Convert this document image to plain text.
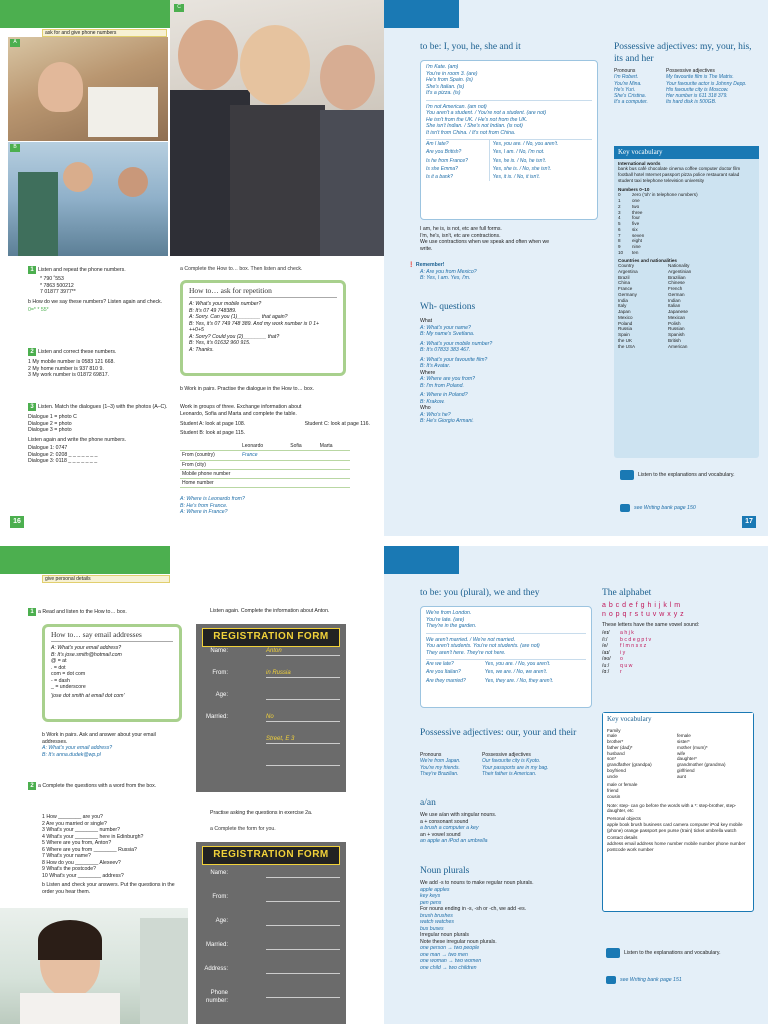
ask for and give phone numbers
A
B
C
1 Listen and repeat the phone numbers.
* 790 ˚553
* 7863 500212
7 01877 3977**
b How do we say these numbers? Listen again and check.
0=* * 55*
2 Listen and correct these numbers.
1 My mobile number is 0583 121 668.
2 My home number is 937 810 9.
3 My work number is 01872 69817.
3 Listen. Match the dialogues (1–3) with the photos (A–C).
Dialogue 1 = photo C
Dialogue 2 = photo
Dialogue 3 = photo
Listen again and write the phone numbers.
Dialogue 1: 0747
Dialogue 2: 0208 _ _ _ _ _ _ _
Dialogue 3: 0118 _ _ _ _ _ _ _
a Complete the How to… box. Then listen and check.
How to… ask for repetition
A: What's your mobile number?
B: It's 07 49 748389.
A: Sorry. Can you (1)________ that again?
B: Yes, it's 07 749 748 389. And my work number is 0 1+
++0+5
A: Sorry? Could you (2)________ that?
B: Yes, it's 01632 960 915.
A: Thanks.
b Work in pairs. Practise the dialogue in the How to… box.
Work in groups of three. Exchange information about
Leonardo, Sofia and Marta and complete the table.
Student A: look at page 108.	Student C: look at page 116.
Student B: look at page 115.
	Leonardo	Sofia	Marta
From (country)	France		
From (city)			
Mobile phone number			
Home number			
A: Where is Leonardo from?
B: He's from France.
A: Where in France?
16
to be: I, you, he, she and it
I'm Kate. (am)
You're in room 3. (are)
He's from Spain. (is)
She's Italian. (is)
It's a pizza. (is)
I'm not American. (am not)
You aren't a student. / You're not a student. (are not)
He isn't from the UK. / He's not from the UK.
She isn't Indian. / She's not Indian. (is not)
It isn't from China. / It's not from China.
Am I late?	Yes, you are. / No, you aren't.
Are you British?	Yes, I am. / No, I'm not.
Is he from France?	Yes, he is. / No, he isn't.
Is she Emma?	Yes, she is. / No, she isn't.
Is it a bank?	Yes, it is. / No, it isn't.
I am, he is, is not, etc are full forms.
I'm, he's, isn't, etc are contractions.
We use contractions when we speak and often when we
write.
❗ Remember!
A: Are you from Mexico?
B: Yes, I am. Yes, I'm.
Wh- questions
What
A: What's your name?
B: My name's Svetlana.
A: What's your mobile number?
B: It's 07833 383 467.
A: What's your favourite film?
B: It's Avatar.
Where
A: Where are you from?
B: I'm from Poland.
A: Where in Poland?
B: Krakow.
Who
A: Who's he?
B: He's Giorgio Armani.
Possessive adjectives: my, your, his, its and her
Pronouns	Possessive adjectives
I'm Robert.	My favourite film is The Matrix.
You're Mina.	Your favourite actor is Johnny Depp.
He's Yuri.	His favourite city is Moscow.
She's Cristina.	Her number is 611 318 379.
It's a computer.	Its hard disk is 500GB.
Key vocabulary
International words
bank bus café chocolate cinema coffee computer doctor film football hotel Internet passport pizza police restaurant salad student taxi telephone television university
Numbers 0–10
0	zero ('oh' in telephone numbers)
1	one
2	two
3	three
4	four
5	five
6	six
7	seven
8	eight
9	nine
10	ten
Countries and nationalities
Country	Nationality
Argentina	Argentinian
Brazil	Brazilian
China	Chinese
France	French
Germany	German
India	Indian
Italy	Italian
Japan	Japanese
Mexico	Mexican
Poland	Polish
Russia	Russian
Spain	Spanish
the UK	British
the USA	American
Listen to the explanations and vocabulary.
see Writing bank page 150
17
give personal details
1 a Read and listen to the How to… box.
How to… say email addresses
A: What's your email address?
B: It's jose.smith@hotmail.com
@ = at
. = dot
com = dot com
- = dash
_ = underscore
'jose dot smith at email dot com'
b Work in pairs. Ask and answer about your email addresses.
A: What's your email address?
B: It's anna.dudek@wp.pl
2 a Complete the questions with a word from the box.
1 How ________ are you?
2 Are you married or single?
3 What's your ________ number?
4 What's your ________ here in Edinburgh?
5 Where are you from, Anton?
6 Where are you from ________ Russia?
7 What's your name?
8 How do you ________ Alexeev?
9 What's the postcode?
10 What's your ________ address?
b Listen and check your answers. Put the questions in the order you hear them.
Listen again. Complete the information about Anton.
REGISTRATION FORM
Name:	Anton
From:	in Russia
Age:
Married:	No
Street, E 3
Practise asking the questions in exercise 2a.
a Complete the form for you.
REGISTRATION FORM
Name:
From:
Age:
Married:
Address:
Phone number:
to be: you (plural), we and they
We're from London.
You're late. (are)
They're in the garden.
We aren't married. / We're not married.
You aren't students. You're not students. (are not)
They aren't here. They're not here.
Are we late?	Yes, you are. / No, you aren't.
Are you Italian?	Yes, we are. / No, we aren't.
Are they married?	Yes, they are. / No, they aren't.
Possessive adjectives: our, your and their
Pronouns	Possessive adjectives
We're from Japan.	Our favourite city is Kyoto.
You're my friends.	Your passports are in my bag.
They're Brazilian.	Their father is American.
a/an
We use a/an with singular nouns.
a + consonant sound
a brush a computer a key
an + vowel sound
an apple an iPod an umbrella
Noun plurals
We add -s to nouns to make regular noun plurals.
apple apples
key keys
pen pens
For nouns ending in -s, -sh or -ch, we add -es.
brush brushes
watch watches
bus buses
Irregular noun plurals
Note these irregular noun plurals.
one person → two people
one man → two men
one woman → two women
one child → two children
The alphabet
a b c d e f g h i j k l m
n o p q r s t u v w x y z
These letters have the same vowel sound:
/eɪ/	a h j k
/iː/	b c d e g p t v
/e/	f l m n s x z
/aɪ/	i y
/əʊ/	o
/uː/	q u w
/ɑː/	r
Key vocabulary
Family
male	female
brother*	sister*
father (dad)*	mother (mum)*
husband	wife
son*	daughter*
grandfather (grandpa)	grandmother (grandma)
boyfriend	girlfriend
uncle	aunt
male or female
friend
cousin
Note: step- can go before the words with a *: step-brother, step-daughter, etc
Personal objects
apple book brush business card camera computer iPod key mobile (phone) orange passport pen purse (train) ticket umbrella watch
Contact details
address email address home number mobile number phone number postcode work number
Listen to the explanations and vocabulary.
see Writing bank page 151
